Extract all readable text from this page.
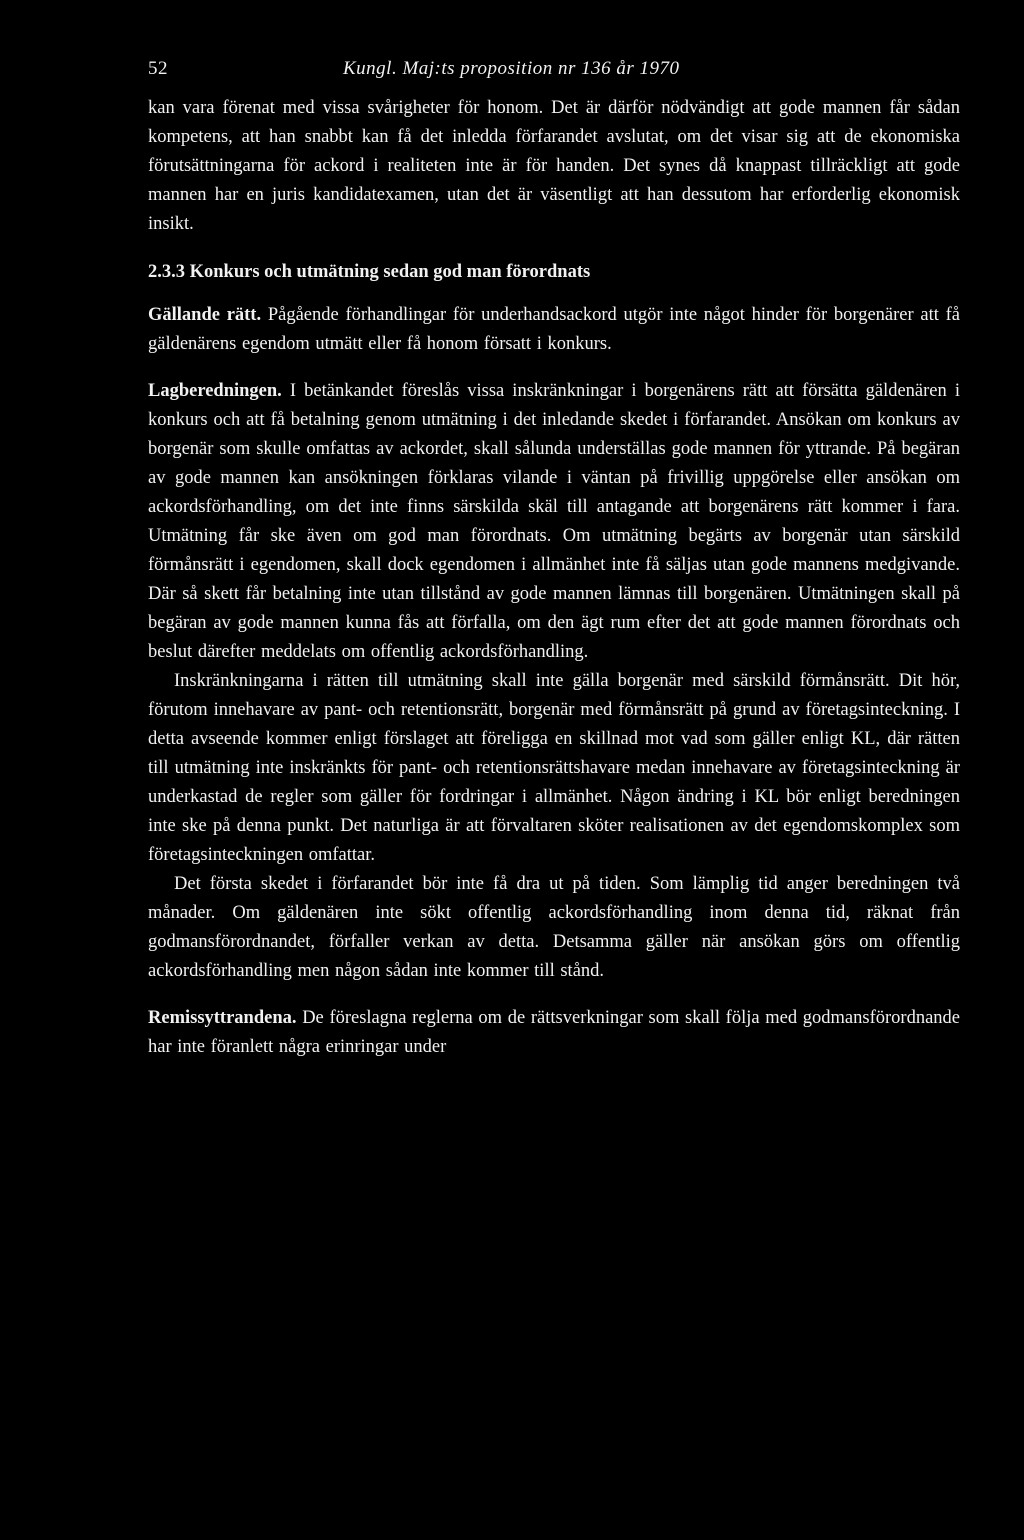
52	Kungl. Maj:ts proposition nr 136 år 1970

kan vara förenat med vissa svårigheter för honom. Det är därför nödvändigt att gode mannen får sådan kompetens, att han snabbt kan få det inledda förfarandet avslutat, om det visar sig att de ekonomiska förutsättningarna för ackord i realiteten inte är för handen. Det synes då knappast tillräckligt att gode mannen har en juris kandidatexamen, utan det är väsentligt att han dessutom har erforderlig ekonomisk insikt.

2.3.3 Konkurs och utmätning sedan god man förordnats

Gällande rätt. Pågående förhandlingar för underhandsackord utgör inte något hinder för borgenärer att få gäldenärens egendom utmätt eller få honom försatt i konkurs.

Lagberedningen. I betänkandet föreslås vissa inskränkningar i borgenärens rätt att försätta gäldenären i konkurs och att få betalning genom utmätning i det inledande skedet i förfarandet. Ansökan om konkurs av borgenär som skulle omfattas av ackordet, skall sålunda underställas gode mannen för yttrande. På begäran av gode mannen kan ansökningen förklaras vilande i väntan på frivillig uppgörelse eller ansökan om ackordsförhandling, om det inte finns särskilda skäl till antagande att borgenärens rätt kommer i fara. Utmätning får ske även om god man förordnats. Om utmätning begärts av borgenär utan särskild förmånsrätt i egendomen, skall dock egendomen i allmänhet inte få säljas utan gode mannens medgivande. Där så skett får betalning inte utan tillstånd av gode mannen lämnas till borgenären. Utmätningen skall på begäran av gode mannen kunna fås att förfalla, om den ägt rum efter det att gode mannen förordnats och beslut därefter meddelats om offentlig ackordsförhandling.

Inskränkningarna i rätten till utmätning skall inte gälla borgenär med särskild förmånsrätt. Dit hör, förutom innehavare av pant- och retentionsrätt, borgenär med förmånsrätt på grund av företagsinteckning. I detta avseende kommer enligt förslaget att föreligga en skillnad mot vad som gäller enligt KL, där rätten till utmätning inte inskränkts för pant- och retentionsrättshavare medan innehavare av företagsinteckning är underkastad de regler som gäller för fordringar i allmänhet. Någon ändring i KL bör enligt beredningen inte ske på denna punkt. Det naturliga är att förvaltaren sköter realisationen av det egendomskomplex som företagsinteckningen omfattar.

Det första skedet i förfarandet bör inte få dra ut på tiden. Som lämplig tid anger beredningen två månader. Om gäldenären inte sökt offentlig ackordsförhandling inom denna tid, räknat från godmansförordnandet, förfaller verkan av detta. Detsamma gäller när ansökan görs om offentlig ackordsförhandling men någon sådan inte kommer till stånd.

Remissyttrandena. De föreslagna reglerna om de rättsverkningar som skall följa med godmansförordnande har inte föranlett några erinringar under
